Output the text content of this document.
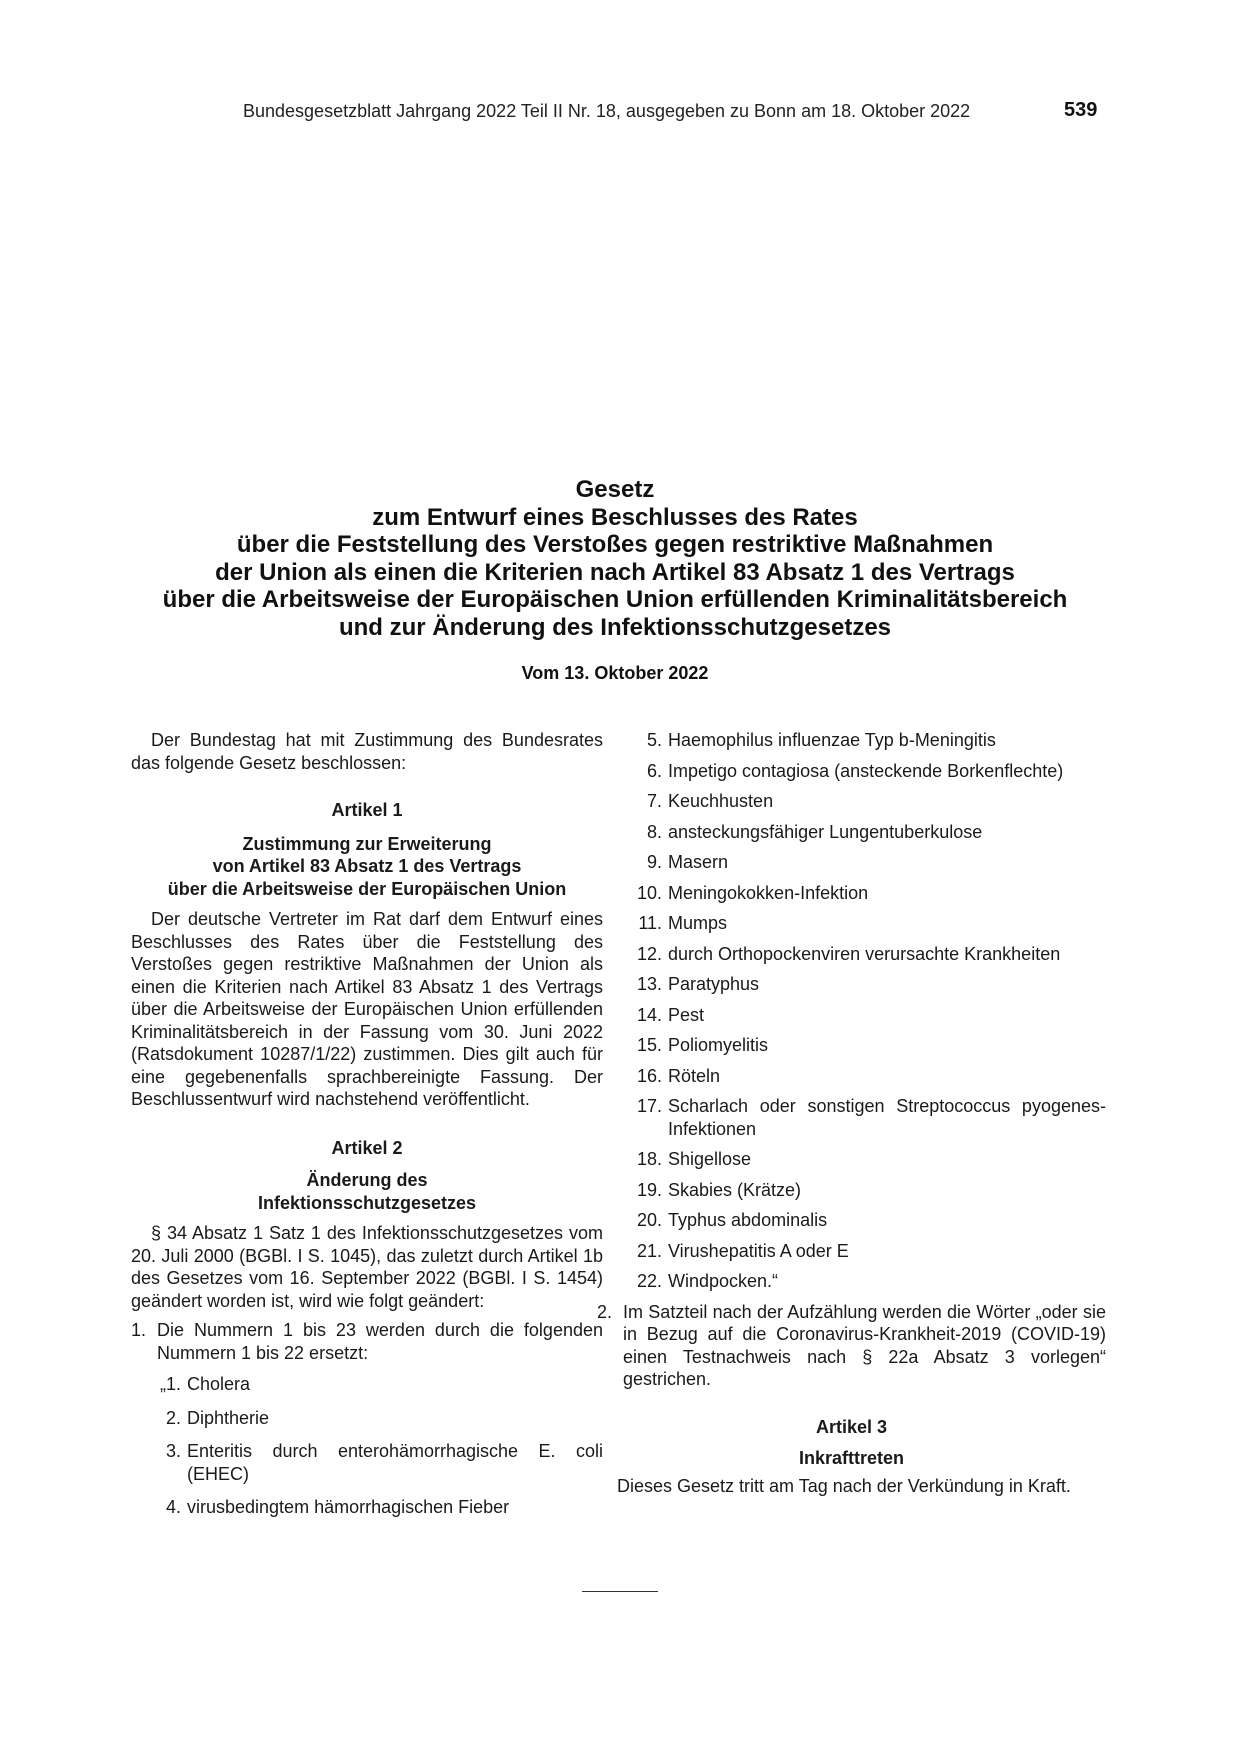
Bundesgesetzblatt Jahrgang 2022 Teil II Nr. 18, ausgegeben zu Bonn am 18. Oktober 2022	539
Gesetz
zum Entwurf eines Beschlusses des Rates
über die Feststellung des Verstoßes gegen restriktive Maßnahmen
der Union als einen die Kriterien nach Artikel 83 Absatz 1 des Vertrags
über die Arbeitsweise der Europäischen Union erfüllenden Kriminalitätsbereich
und zur Änderung des Infektionsschutzgesetzes
Vom 13. Oktober 2022

Der Bundestag hat mit Zustimmung des Bundesrates das folgende Gesetz beschlossen:

Artikel 1

Zustimmung zur Erweiterung

von Artikel 83 Absatz 1 des Vertrags

über die Arbeitsweise der Europäischen Union

Der deutsche Vertreter im Rat darf dem Entwurf eines Beschlusses des Rates über die Feststellung des Verstoßes gegen restriktive Maßnahmen der Union als einen die Kriterien nach Artikel 83 Absatz 1 des Vertrags über die Arbeitsweise der Europäischen Union erfüllenden Kriminalitätsbereich in der Fassung vom 30. Juni 2022 (Ratsdokument 10287/1/22) zustimmen. Dies gilt auch für eine gegebenenfalls sprachbereinigte Fassung. Der Beschlussentwurf wird nachstehend veröffentlicht.

Artikel 2

Änderung des

Infektionsschutzgesetzes

§ 34 Absatz 1 Satz 1 des Infektionsschutzgesetzes vom 20. Juli 2000 (BGBl. I S. 1045), das zuletzt durch Artikel 1b des Gesetzes vom 16. September 2022 (BGBl. I S. 1454) geändert worden ist, wird wie folgt geändert:

1. Die Nummern 1 bis 23 werden durch die folgenden Nummern 1 bis 22 ersetzt:
„1. Cholera
2. Diphtherie
3. Enteritis durch enterohämorrhagische E. coli (EHEC)
4. virusbedingtem hämorrhagischen Fieber
5. Haemophilus influenzae Typ b-Meningitis
6. Impetigo contagiosa (ansteckende Borkenflechte)
7. Keuchhusten
8. ansteckungsfähiger Lungentuberkulose
9. Masern
10. Meningokokken-Infektion
11. Mumps
12. durch Orthopockenviren verursachte Krankheiten
13. Paratyphus
14. Pest
15. Poliomyelitis
16. Röteln
17. Scharlach oder sonstigen Streptococcus pyogenes-Infektionen
18. Shigellose
19. Skabies (Krätze)
20. Typhus abdominalis
21. Virushepatitis A oder E
22. Windpocken.“
2. Im Satzteil nach der Aufzählung werden die Wörter „oder sie in Bezug auf die Coronavirus-Krankheit-2019 (COVID-19) einen Testnachweis nach § 22a Absatz 3 vorlegen“ gestrichen.

Artikel 3

Inkrafttreten

Dieses Gesetz tritt am Tag nach der Verkündung in Kraft.
